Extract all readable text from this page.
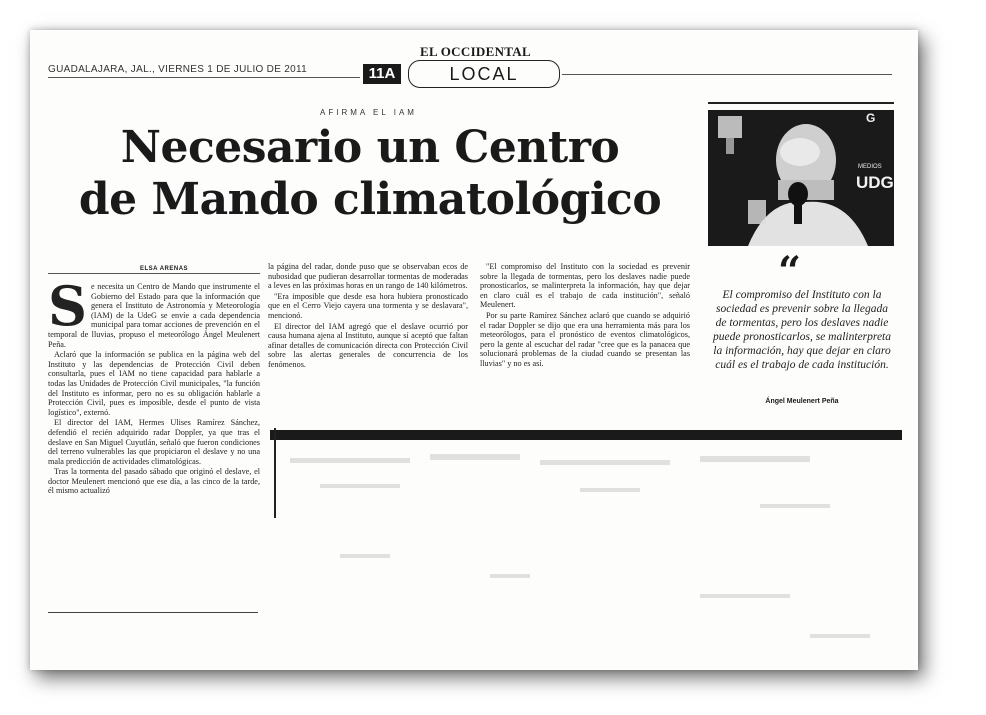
EL OCCIDENTAL
GUADALAJARA, JAL., VIERNES 1 DE JULIO DE 2011	11A	LOCAL
AFIRMA EL IAM
Necesario un Centro
de Mando climatológico
ELSA ARENAS
S e necesita un Centro de Mando que instrumente el Gobierno del Estado para que la información que genera el Instituto de Astronomía y Meteorología (IAM) de la UdeG se envíe a cada dependencia municipal para tomar acciones de prevención en el temporal de lluvias, propuso el meteorólogo Ángel Meulenert Peña.

Aclaró que la información se publica en la página web del Instituto y las dependencias de Protección Civil deben consultarla, pues el IAM no tiene capacidad para hablarle a todas las Unidades de Protección Civil municipales, "la función del Instituto es informar, pero no es su obligación hablarle a Protección Civil, pues es imposible, desde el punto de vista logístico", externó.

El director del IAM, Hermes Ulises Ramírez Sánchez, defendió el recién adquirido radar Doppler, ya que tras el deslave en San Miguel Cuyutlán, señaló que fueron condiciones del terreno vulnerables las que propiciaron el deslave y no una mala predicción de actividades climatológicas.

Tras la tormenta del pasado sábado que originó el deslave, el doctor Meulenert mencionó que ese día, a las cinco de la tarde, él mismo actualizó

la página del radar, donde puso que se observaban ecos de nubosidad que pudieran desarrollar tormentas de moderadas a leves en las próximas horas en un rango de 140 kilómetros.

"Era imposible que desde esa hora hubiera pronosticado que en el Cerro Viejo cayera una tormenta y se deslavara", mencionó.

El director del IAM agregó que el deslave ocurrió por causa humana ajena al Instituto, aunque sí aceptó que faltan afinar detalles de comunicación directa con Protección Civil sobre las alertas generales de concurrencia de los fenómenos.

"El compromiso del Instituto con la sociedad es prevenir sobre la llegada de tormentas, pero los deslaves nadie puede pronosticarlos, se malinterpreta la información, hay que dejar en claro cuál es el trabajo de cada institución", señaló Meulenert.

Por su parte Ramírez Sánchez aclaró que cuando se adquirió el radar Doppler se dijo que era una herramienta más para los meteorólogos, para el pronóstico de eventos climatológicos, pero la gente al escuchar del radar "cree que es la panacea que solucionará problemas de la ciudad cuando se presentan las lluvias" y no es así.

G
MEDIOS
UDG
“
El compromiso del Instituto con la sociedad es prevenir sobre la llegada de tormentas, pero los deslaves nadie puede pronosticarlos, se malinterpreta la información, hay que dejar en claro cuál es el trabajo de cada institución.
Ángel Meulenert Peña
